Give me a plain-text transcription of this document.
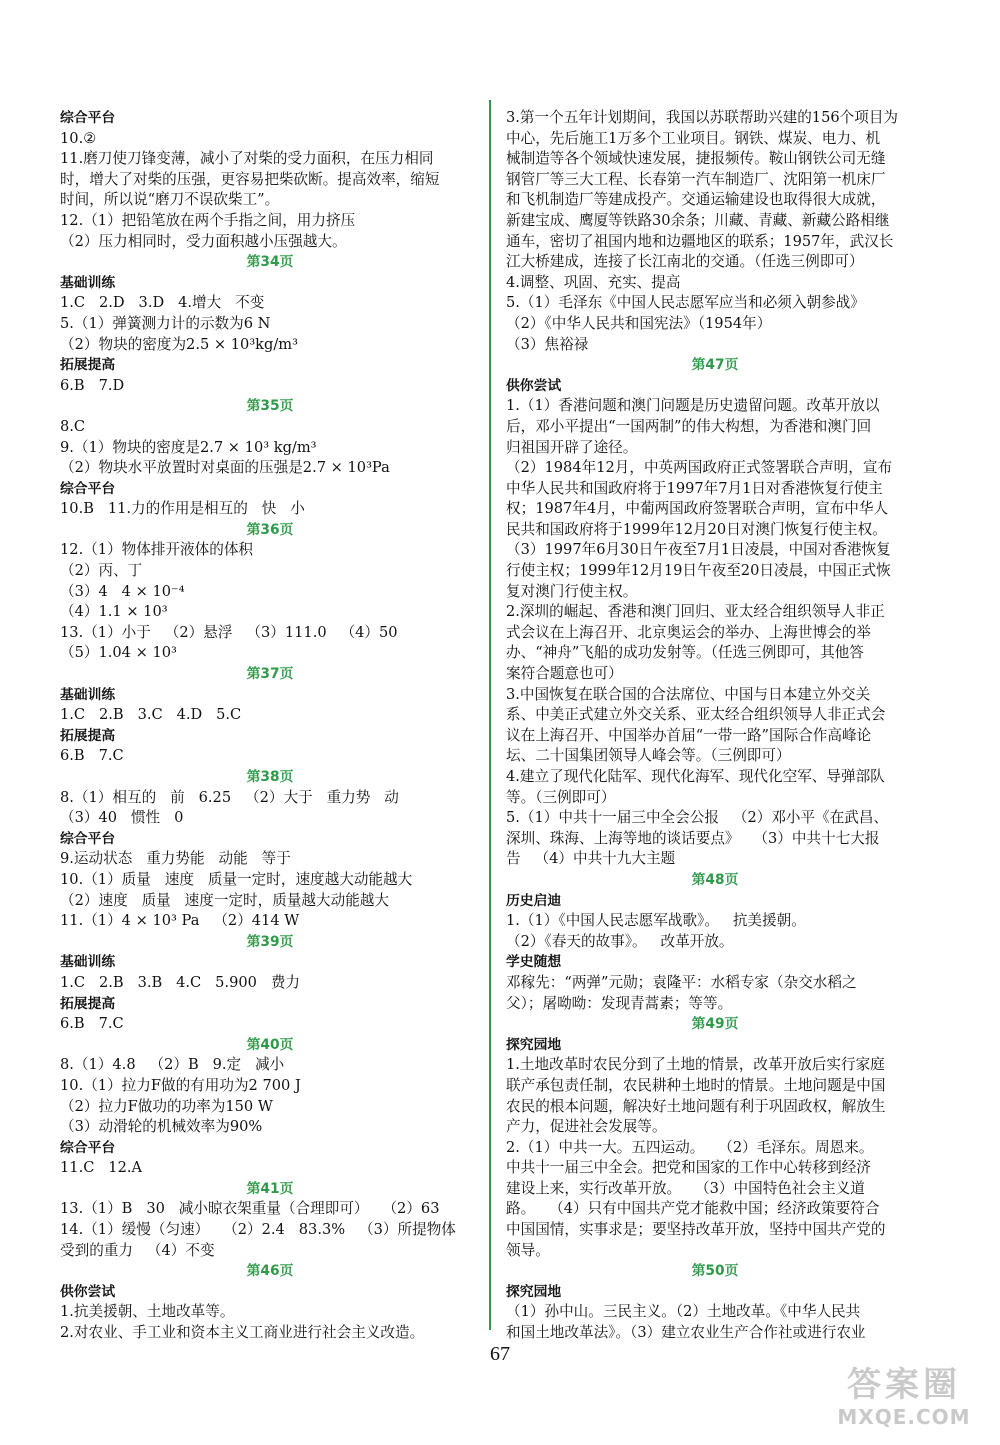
综合平台
10.②
11.磨刀使刀锋变薄，减小了对柴的受力面积，在压力相同
时，增大了对柴的压强，更容易把柴砍断。提高效率，缩短
时间，所以说“磨刀不误砍柴工”。
12.（1）把铅笔放在两个手指之间，用力挤压
（2）压力相同时，受力面积越小压强越大。
第34页
基础训练
1.C   2.D   3.D   4.增大   不变
5.（1）弹簧测力计的示数为6 N
（2）物块的密度为2.5 × 10³kg/m³
拓展提高
6.B   7.D
第35页
8.C
9.（1）物块的密度是2.7 × 10³ kg/m³
（2）物块水平放置时对桌面的压强是2.7 × 10³Pa
综合平台
10.B   11.力的作用是相互的   快   小
第36页
12.（1）物体排开液体的体积
（2）丙、丁
（3）4   4 × 10⁻⁴
（4）1.1 × 10³
13.（1）小于   （2）悬浮   （3）111.0   （4）50
（5）1.04 × 10³
第37页
基础训练
1.C   2.B   3.C   4.D   5.C
拓展提高
6.B   7.C
第38页
8.（1）相互的   前   6.25   （2）大于   重力势   动
（3）40   惯性   0
综合平台
9.运动状态   重力势能   动能   等于
10.（1）质量   速度   质量一定时，速度越大动能越大
（2）速度   质量   速度一定时，质量越大动能越大
11.（1）4 × 10³ Pa   （2）414 W
第39页
基础训练
1.C   2.B   3.B   4.C   5.900   费力
拓展提高
6.B   7.C
第40页
8.（1）4.8   （2）B   9.定   减小
10.（1）拉力F做的有用功为2 700 J
（2）拉力F做功的功率为150 W
（3）动滑轮的机械效率为90%
综合平台
11.C   12.A
第41页
13.（1）B   30   减小晾衣架重量（合理即可）   （2）63
14.（1）缓慢（匀速）   （2）2.4   83.3%   （3）所提物体
受到的重力   （4）不变
第46页
供你尝试
1.抗美援朝、土地改革等。
2.对农业、手工业和资本主义工商业进行社会主义改造。
3.第一个五年计划期间，我国以苏联帮助兴建的156个项目为
中心，先后施工1万多个工业项目。钢铁、煤炭、电力、机
械制造等各个领域快速发展，捷报频传。鞍山钢铁公司无缝
钢管厂等三大工程、长春第一汽车制造厂、沈阳第一机床厂
和飞机制造厂等建成投产。交通运输建设也取得很大成就，
新建宝成、鹰厦等铁路30余条；川藏、青藏、新藏公路相继
通车，密切了祖国内地和边疆地区的联系；1957年，武汉长
江大桥建成，连接了长江南北的交通。（任选三例即可）
4.调整、巩固、充实、提高
5.（1）毛泽东《中国人民志愿军应当和必须入朝参战》
（2）《中华人民共和国宪法》（1954年）
（3）焦裕禄
第47页
供你尝试
1.（1）香港问题和澳门问题是历史遗留问题。改革开放以
后，邓小平提出“一国两制”的伟大构想，为香港和澳门回
归祖国开辟了途径。
（2）1984年12月，中英两国政府正式签署联合声明，宣布
中华人民共和国政府将于1997年7月1日对香港恢复行使主
权；1987年4月，中葡两国政府签署联合声明，宣布中华人
民共和国政府将于1999年12月20日对澳门恢复行使主权。
（3）1997年6月30日午夜至7月1日凌晨，中国对香港恢复
行使主权；1999年12月19日午夜至20日凌晨，中国正式恢
复对澳门行使主权。
2.深圳的崛起、香港和澳门回归、亚太经合组织领导人非正
式会议在上海召开、北京奥运会的举办、上海世博会的举
办、“神舟”飞船的成功发射等。（任选三例即可，其他答
案符合题意也可）
3.中国恢复在联合国的合法席位、中国与日本建立外交关
系、中美正式建立外交关系、亚太经合组织领导人非正式会
议在上海召开、中国举办首届“一带一路”国际合作高峰论
坛、二十国集团领导人峰会等。（三例即可）
4.建立了现代化陆军、现代化海军、现代化空军、导弹部队
等。（三例即可）
5.（1）中共十一届三中全会公报   （2）邓小平《在武昌、
深圳、珠海、上海等地的谈话要点》   （3）中共十七大报
告   （4）中共十九大主题
第48页
历史启迪
1.（1）《中国人民志愿军战歌》。   抗美援朝。
（2）《春天的故事》。   改革开放。
学史随想
邓稼先：“两弹”元勋；袁隆平：水稻专家（杂交水稻之
父）；屠呦呦：发现青蒿素；等等。
第49页
探究园地
1.土地改革时农民分到了土地的情景，改革开放后实行家庭
联产承包责任制，农民耕种土地时的情景。土地问题是中国
农民的根本问题，解决好土地问题有利于巩固政权，解放生
产力，促进社会发展等。
2.（1）中共一大。五四运动。   （2）毛泽东。周恩来。
中共十一届三中全会。把党和国家的工作中心转移到经济
建设上来，实行改革开放。   （3）中国特色社会主义道
路。   （4）只有中国共产党才能救中国；经济政策要符合
中国国情，实事求是；要坚持改革开放，坚持中国共产党的
领导。
第50页
探究园地
（1）孙中山。三民主义。（2）土地改革。《中华人民共
和国土地改革法》。（3）建立农业生产合作社或进行农业
67
答案圈
MXQE.COM
